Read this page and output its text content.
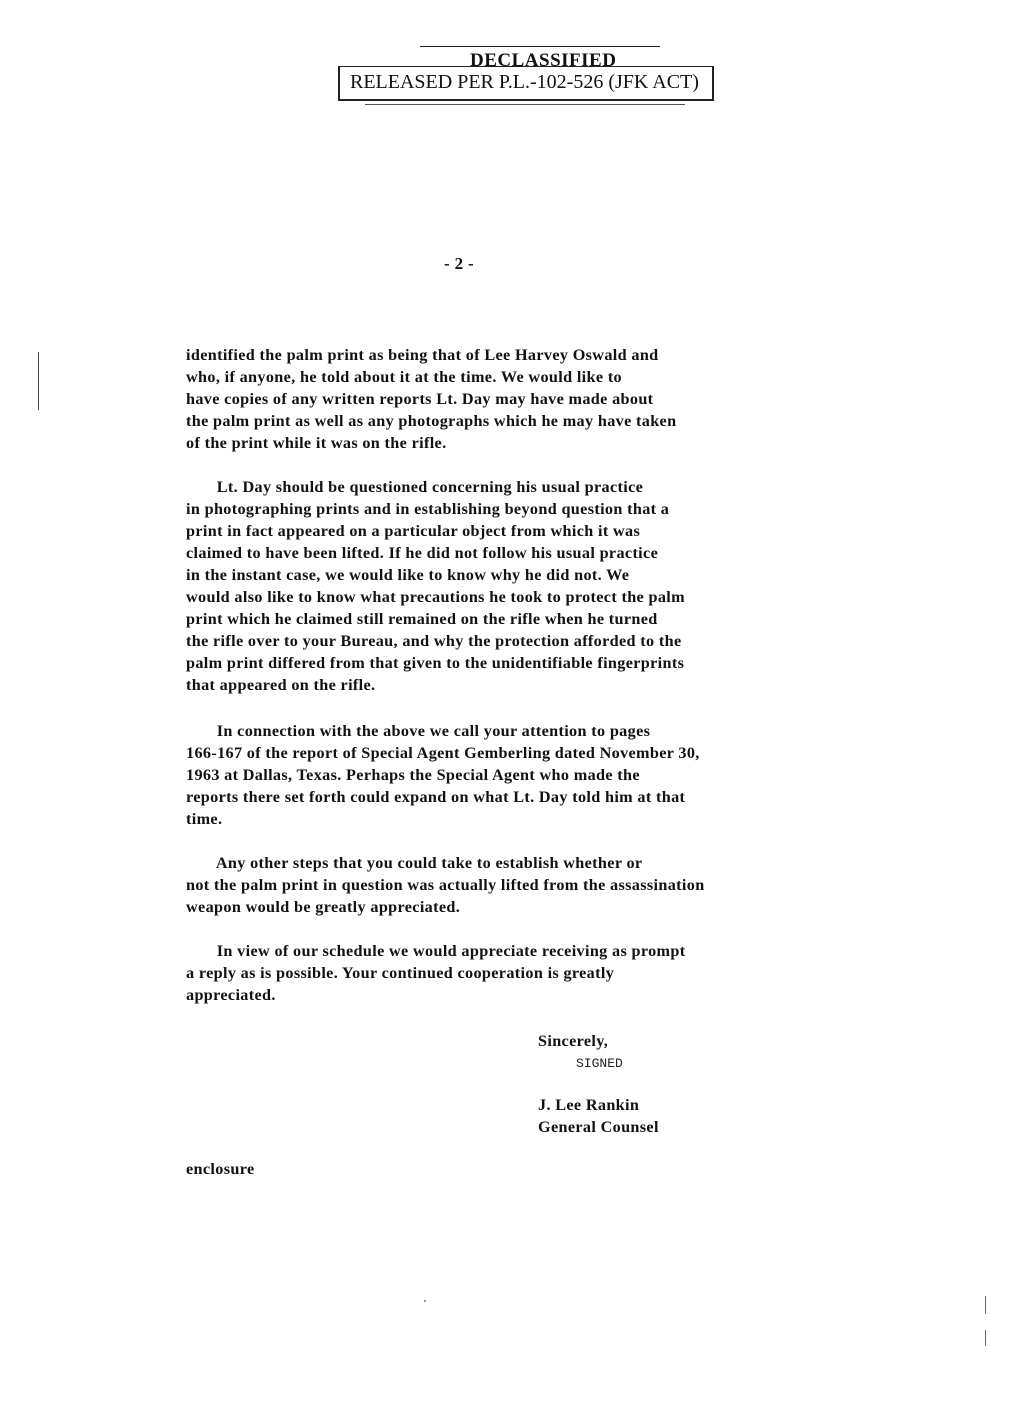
DECLASSIFIED
RELEASED PER P.L.-102-526 (JFK ACT)
- 2 -
identified the palm print as being that of Lee Harvey Oswald and
who, if anyone, he told about it at the time. We would like to
have copies of any written reports Lt. Day may have made about
the palm print as well as any photographs which he may have taken
of the print while it was on the rifle.
Lt. Day should be questioned concerning his usual practice
in photographing prints and in establishing beyond question that a
print in fact appeared on a particular object from which it was
claimed to have been lifted. If he did not follow his usual practice
in the instant case, we would like to know why he did not. We
would also like to know what precautions he took to protect the palm
print which he claimed still remained on the rifle when he turned
the rifle over to your Bureau, and why the protection afforded to the
palm print differed from that given to the unidentifiable fingerprints
that appeared on the rifle.
In connection with the above we call your attention to pages
166-167 of the report of Special Agent Gemberling dated November 30,
1963 at Dallas, Texas. Perhaps the Special Agent who made the
reports there set forth could expand on what Lt. Day told him at that
time.
Any other steps that you could take to establish whether or
not the palm print in question was actually lifted from the assassination
weapon would be greatly appreciated.
In view of our schedule we would appreciate receiving as prompt
a reply as is possible. Your continued cooperation is greatly
appreciated.
Sincerely,
SIGNED
J. Lee Rankin
General Counsel
enclosure
